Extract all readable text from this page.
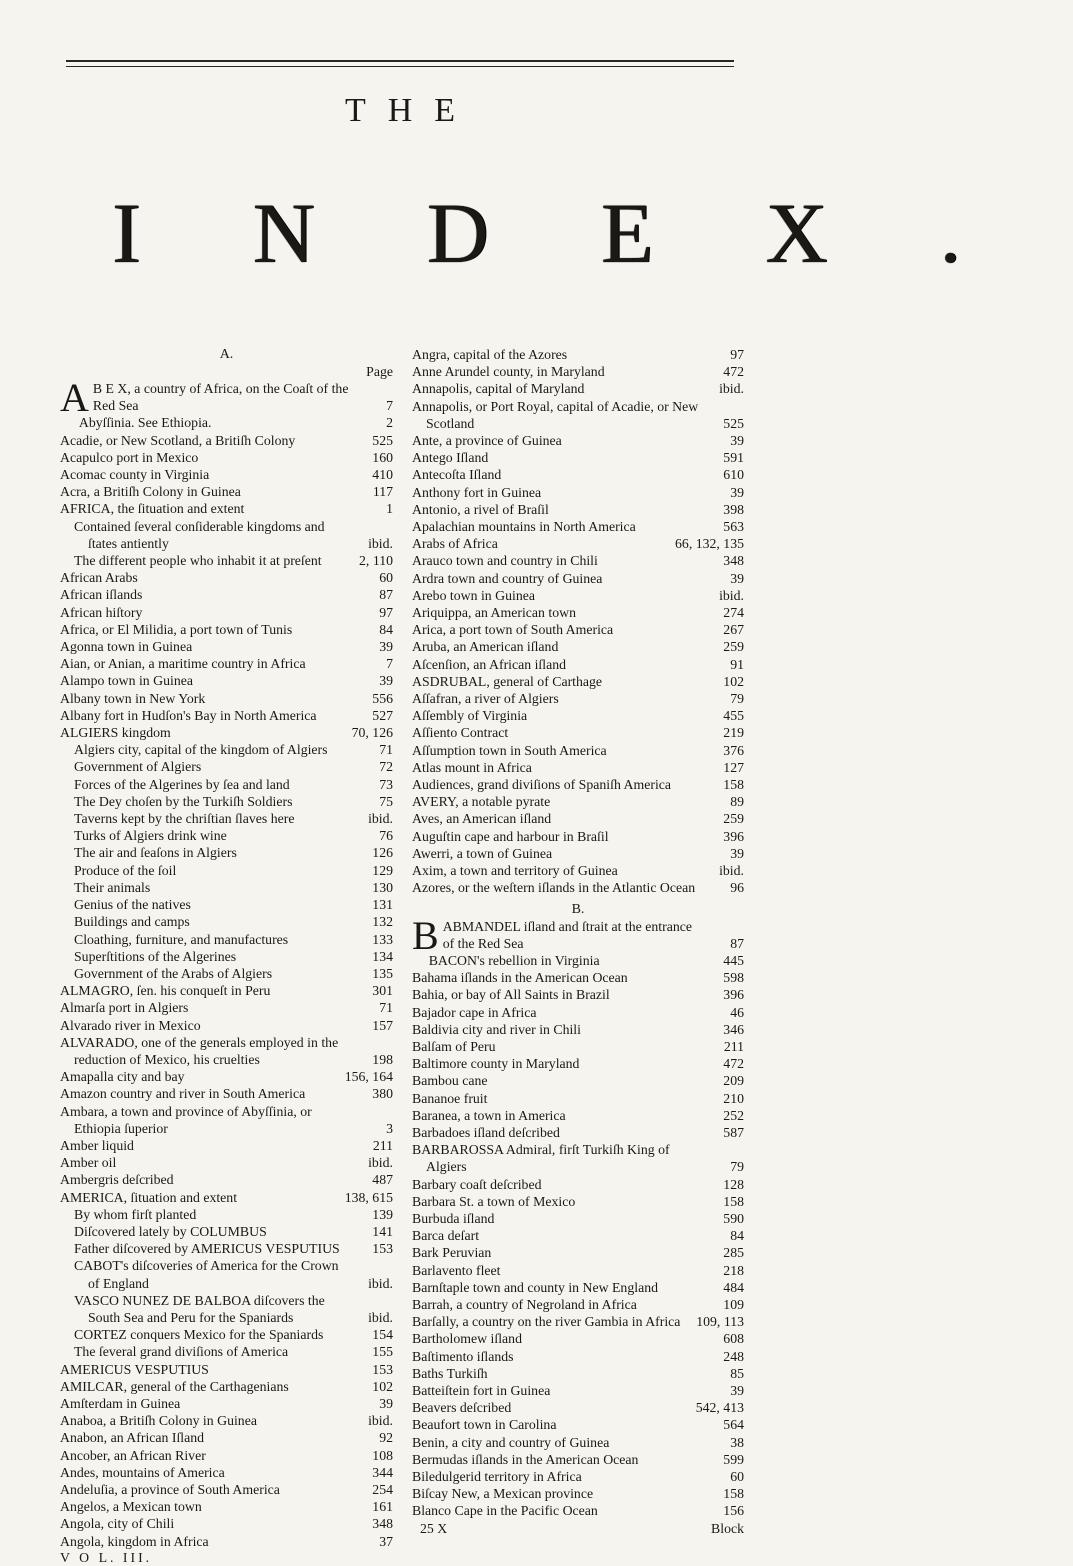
THE
INDEX.
A.
Page
A B E X, a country of Africa, on the Coaſt of the Red Sea	7
Abyſſinia. See Ethiopia.	2
Acadie, or New Scotland, a Britiſh Colony	525
Acapulco port in Mexico	160
Acomac county in Virginia	410
Acra, a Britiſh Colony in Guinea	117
AFRICA, the ſituation and extent	1
Contained ſeveral conſiderable kingdoms and ſtates antiently	ibid.
The different people who inhabit it at preſent	2, 110
African Arabs	60
African iſlands	87
African hiſtory	97
Africa, or El Milidia, a port town of Tunis	84
Agonna town in Guinea	39
Aian, or Anian, a maritime country in Africa	7
Alampo town in Guinea	39
Albany town in New York	556
Albany fort in Hudſon's Bay in North America	527
ALGIERS kingdom	70, 126
Algiers city, capital of the kingdom of Algiers	71
Government of Algiers	72
Forces of the Algerines by ſea and land	73
The Dey choſen by the Turkiſh Soldiers	75
Taverns kept by the chriſtian ſlaves here	ibid.
Turks of Algiers drink wine	76
The air and ſeaſons in Algiers	126
Produce of the ſoil	129
Their animals	130
Genius of the natives	131
Buildings and camps	132
Cloathing, furniture, and manufactures	133
Superſtitions of the Algerines	134
Government of the Arabs of Algiers	135
ALMAGRO, ſen. his conqueſt in Peru	301
Almarſa port in Algiers	71
Alvarado river in Mexico	157
ALVARADO, one of the generals employed in the reduction of Mexico, his cruelties	198
Amapalla city and bay	156, 164
Amazon country and river in South America	380
Ambara, a town and province of Abyſſinia, or Ethiopia ſuperior	3
Amber liquid	211
Amber oil	ibid.
Ambergris deſcribed	487
AMERICA, ſituation and extent	138, 615
By whom firſt planted	139
Diſcovered lately by COLUMBUS	141
Father diſcovered by AMERICUS VESPUTIUS 153
CABOT's diſcoveries of America for the Crown of England	ibid.
VASCO NUNEZ DE BALBOA diſcovers the South Sea and Peru for the Spaniards	ibid.
CORTEZ conquers Mexico for the Spaniards	154
The ſeveral grand diviſions of America	155
AMERICUS VESPUTIUS	153
AMILCAR, general of the Carthagenians	102
Amſterdam in Guinea	39
Anaboa, a Britiſh Colony in Guinea	ibid.
Anabon, an African Iſland	92
Ancober, an African River	108
Andes, mountains of America	344
Andeluſia, a province of South America	254
Angelos, a Mexican town	161
Angola, city of Chili	348
Angola, kingdom in Africa	37
V O L. III.
Angra, capital of the Azores	97
Anne Arundel county, in Maryland	472
Annapolis, capital of Maryland	ibid.
Annapolis, or Port Royal, capital of Acadie, or New Scotland	525
Ante, a province of Guinea	39
Antego Iſland	591
Antecoſta Iſland	610
Anthony fort in Guinea	39
Antonio, a rivel of Braſil	398
Apalachian mountains in North America	563
Arabs of Africa	66, 132, 135
Arauco town and country in Chili	348
Ardra town and country of Guinea	39
Arebo town in Guinea	ibid.
Ariquippa, an American town	274
Arica, a port town of South America	267
Aruba, an American iſland	259
Aſcenſion, an African iſland	91
ASDRUBAL, general of Carthage	102
Aſſafran, a river of Algiers	79
Aſſembly of Virginia	455
Aſſiento Contract	219
Aſſumption town in South America	376
Atlas mount in Africa	127
Audiences, grand diviſions of Spaniſh America	158
AVERY, a notable pyrate	89
Aves, an American iſland	259
Auguſtin cape and harbour in Braſil	396
Awerri, a town of Guinea	39
Axim, a town and territory of Guinea	ibid.
Azores, or the weſtern iſlands in the Atlantic Ocean	96
B.
B ABMANDEL iſland and ſtrait at the entrance of the Red Sea	87
BACON's rebellion in Virginia	445
Bahama iſlands in the American Ocean	598
Bahia, or bay of All Saints in Brazil	396
Bajador cape in Africa	46
Baldivia city and river in Chili	346
Balſam of Peru	211
Baltimore county in Maryland	472
Bambou cane	209
Bananoe fruit	210
Baranea, a town in America	252
Barbadoes iſland deſcribed	587
BARBAROSSA Admiral, firſt Turkiſh King of Algiers	79
Barbary coaſt deſcribed	128
Barbara St. a town of Mexico	158
Burbuda iſland	590
Barca deſart	84
Bark Peruvian	285
Barlavento fleet	218
Barnſtaple town and county in New England	484
Barrah, a country of Negroland in Africa	109
Barſally, a country on the river Gambia in Africa 109, 113
Bartholomew iſland	608
Baſtimento iſlands	248
Baths Turkiſh	85
Batteiſtein fort in Guinea	39
Beavers deſcribed	542, 413
Beaufort town in Carolina	564
Benin, a city and country of Guinea	38
Bermudas iſlands in the American Ocean	599
Biledulgerid territory in Africa	60
Biſcay New, a Mexican province	158
Blanco Cape in the Pacific Ocean	156
25 X	Block
